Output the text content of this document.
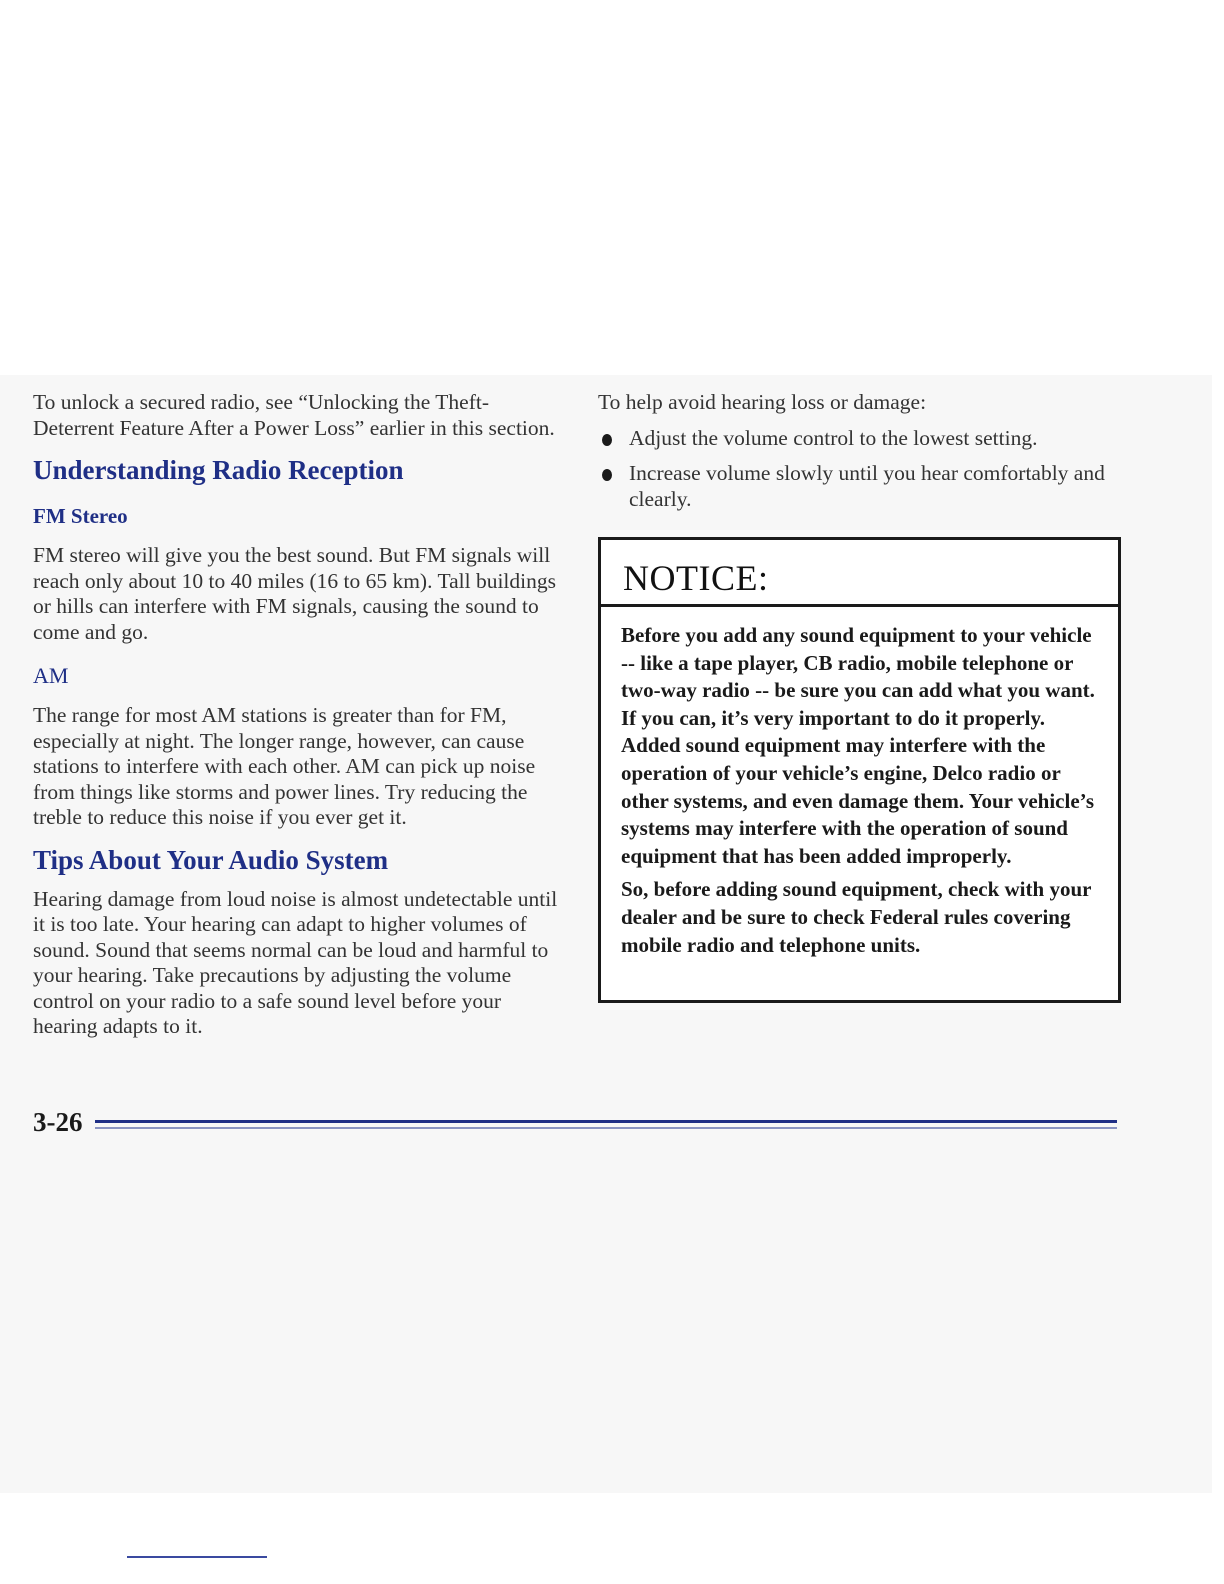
To unlock a secured radio, see “Unlocking the Theft-Deterrent Feature After a Power Loss” earlier in this section.

Understanding Radio Reception
FM Stereo

FM stereo will give you the best sound. But FM signals will reach only about 10 to 40 miles (16 to 65 km). Tall buildings or hills can interfere with FM signals, causing the sound to come and go.

AM

The range for most AM stations is greater than for FM, especially at night. The longer range, however, can cause stations to interfere with each other. AM can pick up noise from things like storms and power lines. Try reducing the treble to reduce this noise if you ever get it.

Tips About Your Audio System

Hearing damage from loud noise is almost undetectable until it is too late. Your hearing can adapt to higher volumes of sound. Sound that seems normal can be loud and harmful to your hearing. Take precautions by adjusting the volume control on your radio to a safe sound level before your hearing adapts to it.

To help avoid hearing loss or damage:

Adjust the volume control to the lowest setting.
Increase volume slowly until you hear comfortably and clearly.
NOTICE:

Before you add any sound equipment to your vehicle -- like a tape player, CB radio, mobile telephone or two-way radio -- be sure you can add what you want. If you can, it’s very important to do it properly. Added sound equipment may interfere with the operation of your vehicle’s engine, Delco radio or other systems, and even damage them. Your vehicle’s systems may interfere with the operation of sound equipment that has been added improperly.

So, before adding sound equipment, check with your dealer and be sure to check Federal rules covering mobile radio and telephone units.

3-26
